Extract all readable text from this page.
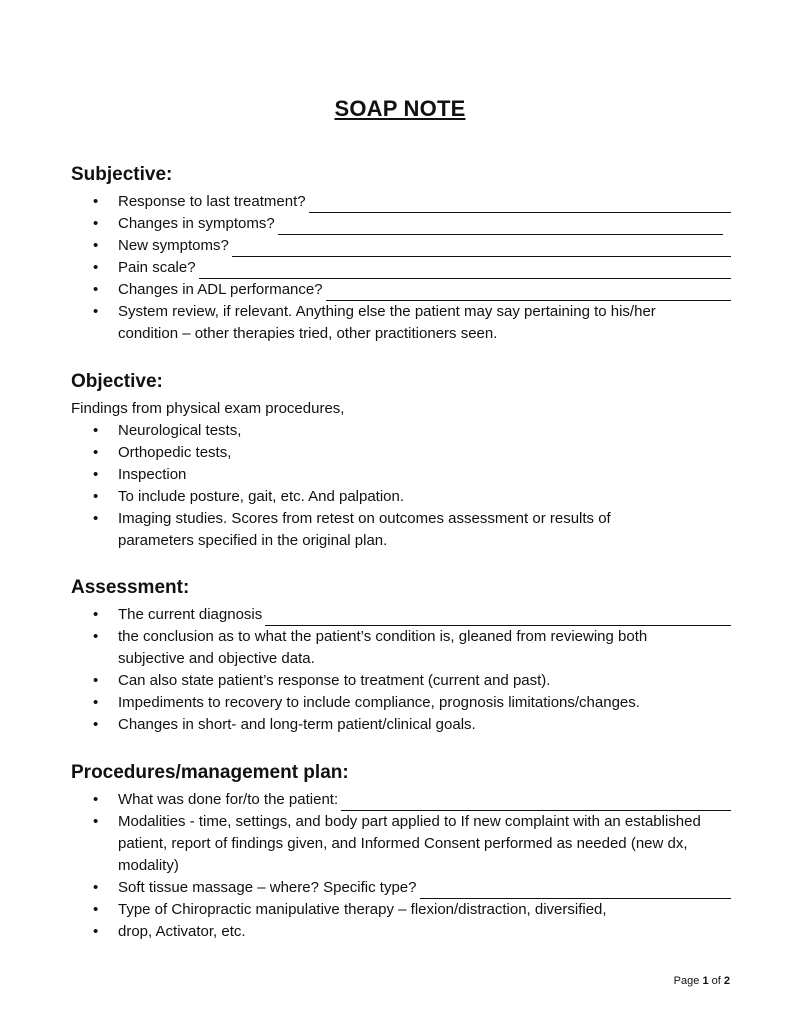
SOAP NOTE
Subjective:
• Response to last treatment?
• Changes in symptoms?
• New symptoms?
• Pain scale?
• Changes in ADL performance?
• System review, if relevant. Anything else the patient may say pertaining to his/her condition – other therapies tried, other practitioners seen.
Objective:

Findings from physical exam procedures,

• Neurological tests,
• Orthopedic tests,
• Inspection
• To include posture, gait, etc. And palpation.
• Imaging studies. Scores from retest on outcomes assessment or results of parameters specified in the original plan.
Assessment:
• The current diagnosis
• the conclusion as to what the patient’s condition is, gleaned from reviewing both subjective and objective data.
• Can also state patient’s response to treatment (current and past).
• Impediments to recovery to include compliance, prognosis limitations/changes.
• Changes in short- and long-term patient/clinical goals.
Procedures/management plan:
• What was done for/to the patient:
• Modalities - time, settings, and body part applied to If new complaint with an established patient, report of findings given, and Informed Consent performed as needed (new dx, modality)
• Soft tissue massage – where? Specific type?
• Type of Chiropractic manipulative therapy – flexion/distraction, diversified,
• drop, Activator, etc.
Page 1 of 2
